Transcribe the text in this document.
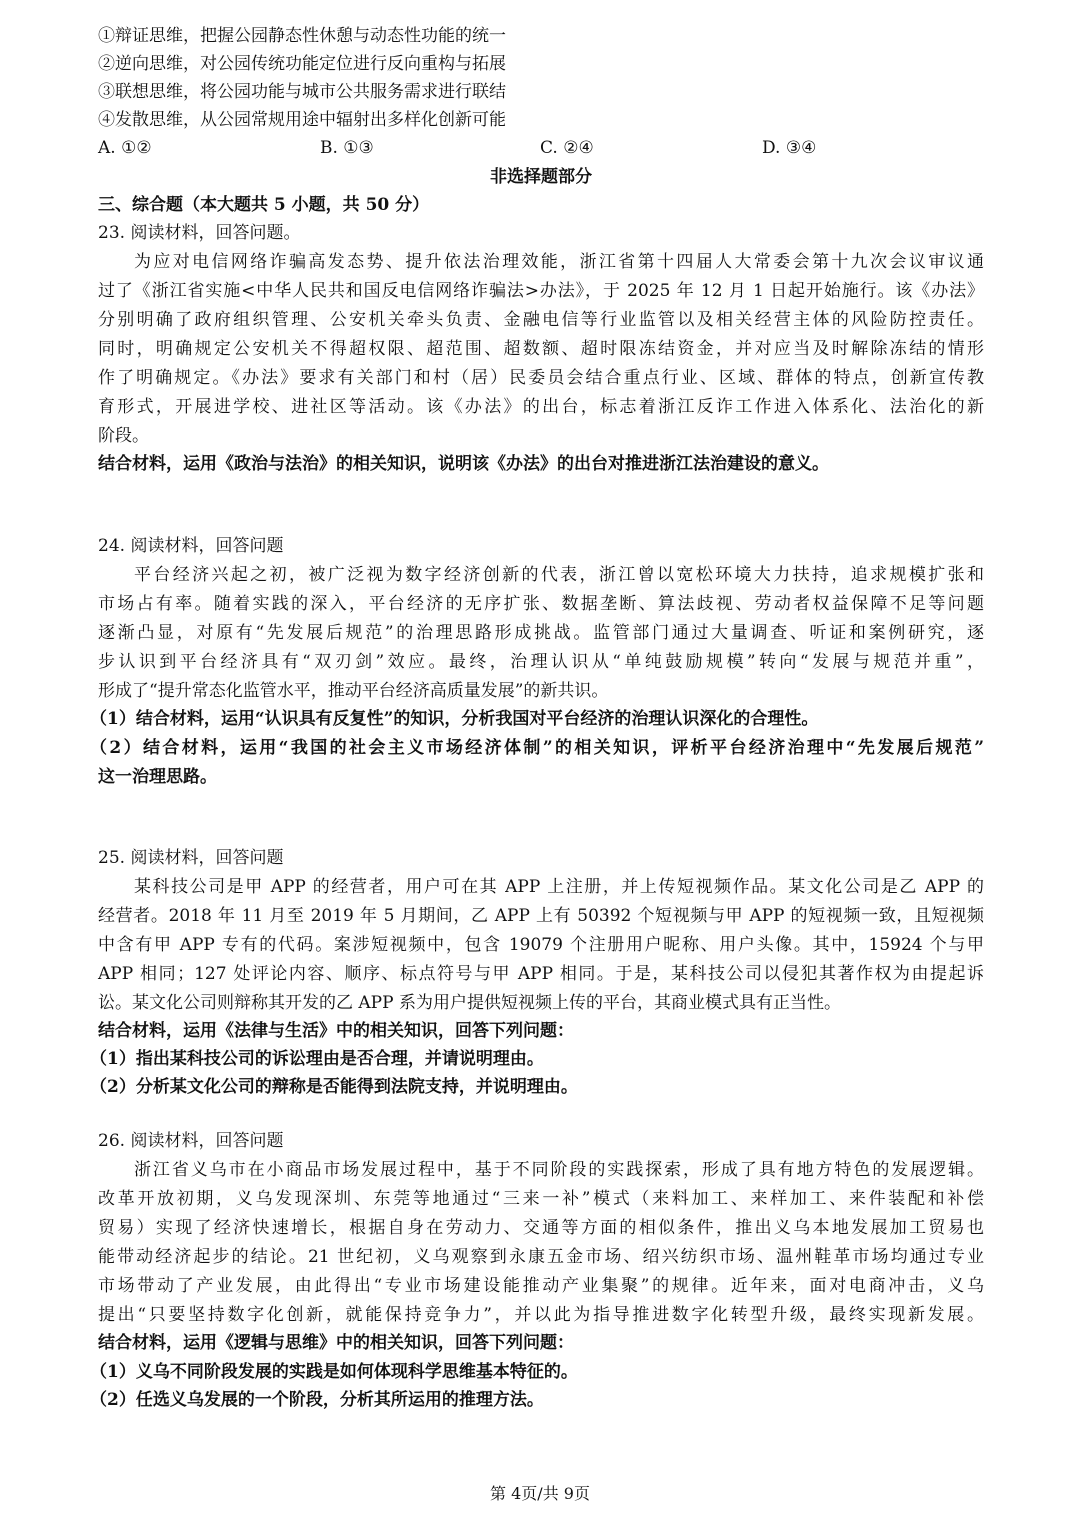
①辩证思维，把握公园静态性休憩与动态性功能的统一
②逆向思维，对公园传统功能定位进行反向重构与拓展
③联想思维，将公园功能与城市公共服务需求进行联结
④发散思维，从公园常规用途中辐射出多样化创新可能
A. ①②	B. ①③	C. ②④	D. ③④
非选择题部分
三、综合题（本大题共 5 小题，共 50 分）
23. 阅读材料，回答问题。
为应对电信网络诈骗高发态势、提升依法治理效能，浙江省第十四届人大常委会第十九次会议审议通
过了《浙江省实施<中华人民共和国反电信网络诈骗法>办法》，于 2025 年 12 月 1 日起开始施行。该《办法》
分别明确了政府组织管理、公安机关牵头负责、金融电信等行业监管以及相关经营主体的风险防控责任。
同时，明确规定公安机关不得超权限、超范围、超数额、超时限冻结资金，并对应当及时解除冻结的情形
作了明确规定。《办法》要求有关部门和村（居）民委员会结合重点行业、区域、群体的特点，创新宣传教
育形式，开展进学校、进社区等活动。该《办法》的出台，标志着浙江反诈工作进入体系化、法治化的新
阶段。
结合材料，运用《政治与法治》的相关知识，说明该《办法》的出台对推进浙江法治建设的意义。
24. 阅读材料，回答问题
平台经济兴起之初，被广泛视为数字经济创新的代表，浙江曾以宽松环境大力扶持，追求规模扩张和
市场占有率。随着实践的深入，平台经济的无序扩张、数据垄断、算法歧视、劳动者权益保障不足等问题
逐渐凸显，对原有“先发展后规范”的治理思路形成挑战。监管部门通过大量调查、听证和案例研究，逐
步认识到平台经济具有“双刃剑”效应。最终，治理认识从“单纯鼓励规模”转向“发展与规范并重”，
形成了“提升常态化监管水平，推动平台经济高质量发展”的新共识。
（1）结合材料，运用“认识具有反复性”的知识，分析我国对平台经济的治理认识深化的合理性。
（2）结合材料，运用“我国的社会主义市场经济体制”的相关知识，评析平台经济治理中“先发展后规范”
这一治理思路。
25. 阅读材料，回答问题
某科技公司是甲 APP 的经营者，用户可在其 APP 上注册，并上传短视频作品。某文化公司是乙 APP 的
经营者。2018 年 11 月至 2019 年 5 月期间，乙 APP 上有 50392 个短视频与甲 APP 的短视频一致，且短视频
中含有甲 APP 专有的代码。案涉短视频中，包含 19079 个注册用户昵称、用户头像。其中，15924 个与甲
APP 相同；127 处评论内容、顺序、标点符号与甲 APP 相同。于是，某科技公司以侵犯其著作权为由提起诉
讼。某文化公司则辩称其开发的乙 APP 系为用户提供短视频上传的平台，其商业模式具有正当性。
结合材料，运用《法律与生活》中的相关知识，回答下列问题：
（1）指出某科技公司的诉讼理由是否合理，并请说明理由。
（2）分析某文化公司的辩称是否能得到法院支持，并说明理由。
26. 阅读材料，回答问题
浙江省义乌市在小商品市场发展过程中，基于不同阶段的实践探索，形成了具有地方特色的发展逻辑。
改革开放初期，义乌发现深圳、东莞等地通过“三来一补”模式（来料加工、来样加工、来件装配和补偿
贸易）实现了经济快速增长，根据自身在劳动力、交通等方面的相似条件，推出义乌本地发展加工贸易也
能带动经济起步的结论。21 世纪初，义乌观察到永康五金市场、绍兴纺织市场、温州鞋革市场均通过专业
市场带动了产业发展，由此得出“专业市场建设能推动产业集聚”的规律。近年来，面对电商冲击，义乌
提出“只要坚持数字化创新，就能保持竞争力”，并以此为指导推进数字化转型升级，最终实现新发展。
结合材料，运用《逻辑与思维》中的相关知识，回答下列问题：
（1）义乌不同阶段发展的实践是如何体现科学思维基本特征的。
（2）任选义乌发展的一个阶段，分析其所运用的推理方法。
第 4页/共 9页
